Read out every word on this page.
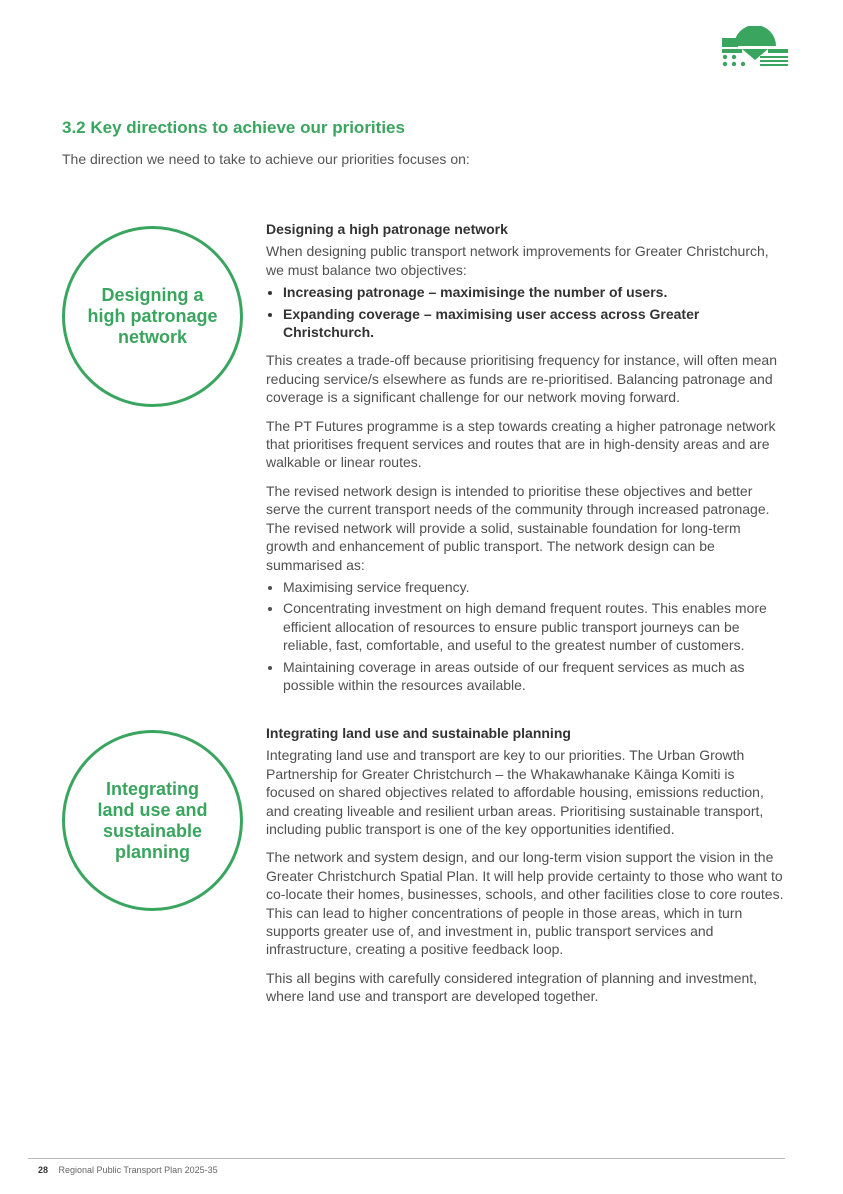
3.2 Key directions to achieve our priorities

The direction we need to take to achieve our priorities focuses on:

Designing a
high patronage
network
Designing a high patronage network

When designing public transport network improvements for Greater Christchurch, we must balance two objectives:

• Increasing patronage – maximisinge the number of users.
• Expanding coverage – maximising user access across Greater Christchurch.

This creates a trade-off because prioritising frequency for instance, will often mean reducing service/s elsewhere as funds are re-prioritised. Balancing patronage and coverage is a significant challenge for our network moving forward.

The PT Futures programme is a step towards creating a higher patronage network that prioritises frequent services and routes that are in high-density areas and are walkable or linear routes.

The revised network design is intended to prioritise these objectives and better serve the current transport needs of the community through increased patronage. The revised network will provide a solid, sustainable foundation for long-term growth and enhancement of public transport. The network design can be summarised as:

• Maximising service frequency.
• Concentrating investment on high demand frequent routes. This enables more efficient allocation of resources to ensure public transport journeys can be reliable, fast, comfortable, and useful to the greatest number of customers.
• Maintaining coverage in areas outside of our frequent services as much as possible within the resources available.
Integrating
land use and
sustainable
planning
Integrating land use and sustainable planning

Integrating land use and transport are key to our priorities. The Urban Growth Partnership for Greater Christchurch – the Whakawhanake Kāinga Komiti is focused on shared objectives related to affordable housing, emissions reduction, and creating liveable and resilient urban areas. Prioritising sustainable transport, including public transport is one of the key opportunities identified.

The network and system design, and our long-term vision support the vision in the Greater Christchurch Spatial Plan. It will help provide certainty to those who want to co-locate their homes, businesses, schools, and other facilities close to core routes. This can lead to higher concentrations of people in those areas, which in turn supports greater use of, and investment in, public transport services and infrastructure, creating a positive feedback loop.

This all begins with carefully considered integration of planning and investment, where land use and transport are developed together.

28 Regional Public Transport Plan 2025-35
